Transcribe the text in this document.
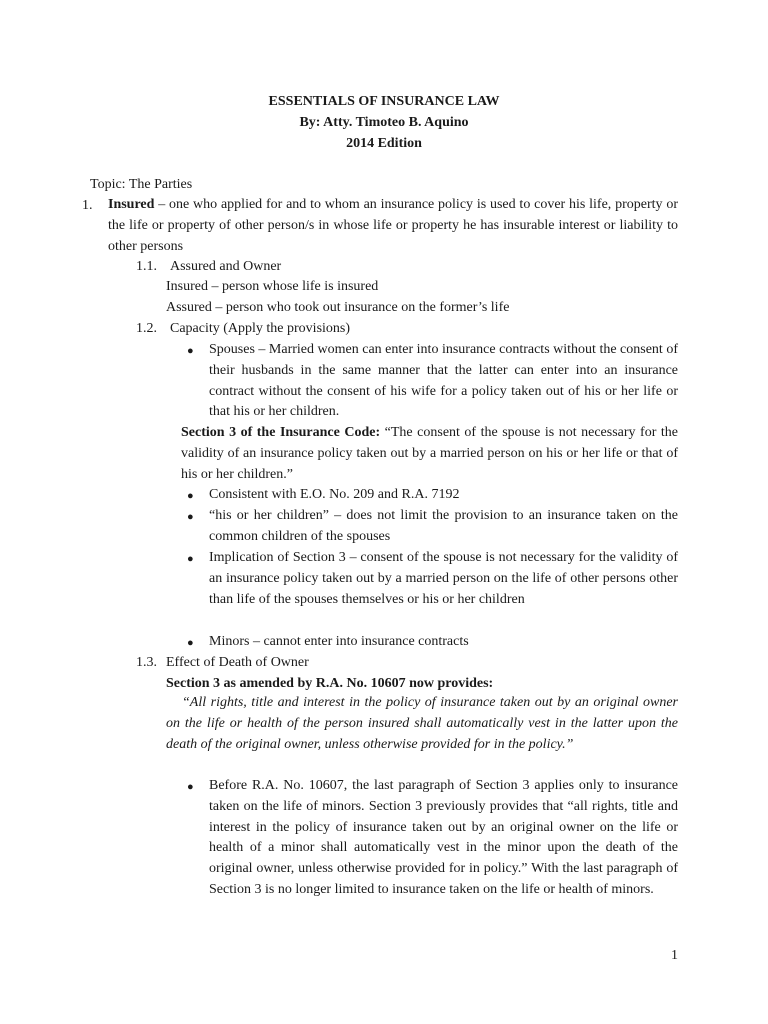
ESSENTIALS OF INSURANCE LAW
By: Atty. Timoteo B. Aquino
2014 Edition
Topic: The Parties
1. Insured – one who applied for and to whom an insurance policy is used to cover his life, property or the life or property of other person/s in whose life or property he has insurable interest or liability to other persons
1.1. Assured and Owner
Insured – person whose life is insured
Assured – person who took out insurance on the former’s life
1.2. Capacity (Apply the provisions)
● Spouses – Married women can enter into insurance contracts without the consent of their husbands in the same manner that the latter can enter into an insurance contract without the consent of his wife for a policy taken out of his or her life or that his or her children.
Section 3 of the Insurance Code: “The consent of the spouse is not necessary for the validity of an insurance policy taken out by a married person on his or her life or that of his or her children.”
● Consistent with E.O. No. 209 and R.A. 7192
● “his or her children” – does not limit the provision to an insurance taken on the common children of the spouses
● Implication of Section 3 – consent of the spouse is not necessary for the validity of an insurance policy taken out by a married person on the life of other persons other than life of the spouses themselves or his or her children
● Minors – cannot enter into insurance contracts
1.3. Effect of Death of Owner
Section 3 as amended by R.A. No. 10607 now provides:
“All rights, title and interest in the policy of insurance taken out by an original owner on the life or health of the person insured shall automatically vest in the latter upon the death of the original owner, unless otherwise provided for in the policy.”
● Before R.A. No. 10607, the last paragraph of Section 3 applies only to insurance taken on the life of minors. Section 3 previously provides that “all rights, title and interest in the policy of insurance taken out by an original owner on the life or health of a minor shall automatically vest in the minor upon the death of the original owner, unless otherwise provided for in policy.” With the last paragraph of Section 3 is no longer limited to insurance taken on the life or health of minors.
1
